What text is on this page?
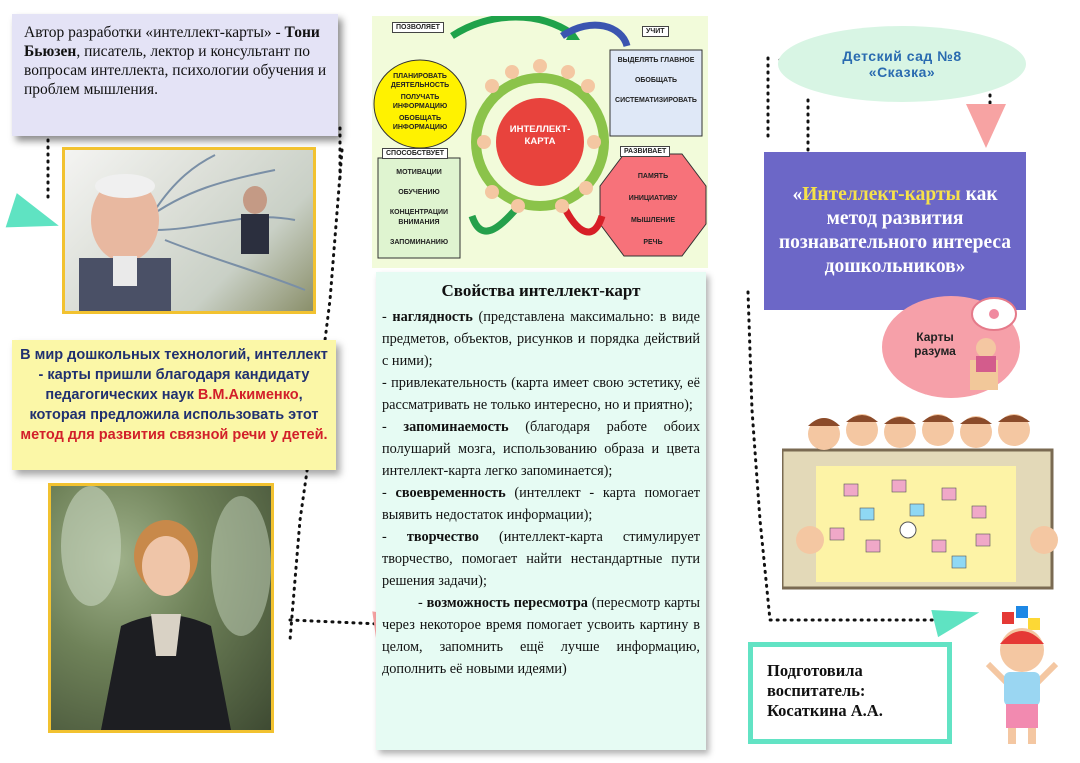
Автор разработки «интеллект-карты» - Тони Бьюзен, писатель, лектор и консультант по вопросам интеллекта, психологии обучения и проблем мышления.
В мир дошкольных технологий, интеллект - карты пришли благодаря кандидату педагогических наук В.М.Акименко, которая предложила использовать этот метод для развития связной речи у детей.
ПОЗВОЛЯЕТ
ПЛАНИРОВАТЬ ДЕЯТЕЛЬНОСТЬ
ПОЛУЧАТЬ ИНФОРМАЦИЮ
ОБОБЩАТЬ ИНФОРМАЦИЮ
УЧИТ
ВЫДЕЛЯТЬ ГЛАВНОЕ
ОБОБЩАТЬ
СИСТЕМАТИЗИРОВАТЬ
ИНТЕЛЛЕКТ-КАРТА
СПОСОБСТВУЕТ
МОТИВАЦИИ
ОБУЧЕНИЮ
КОНЦЕНТРАЦИИ ВНИМАНИЯ
ЗАПОМИНАНИЮ
РАЗВИВАЕТ
ПАМЯТЬ
ИНИЦИАТИВУ
МЫШЛЕНИЕ
РЕЧЬ
Свойства интеллект-карт

- наглядность (представлена максимально: в виде предметов, объектов, рисунков и порядка действий с ними);

- привлекательность (карта имеет свою эстетику, её рассматривать не только интересно, но и приятно);

- запоминаемость (благодаря работе обоих полушарий мозга, использованию образа и цвета интеллект-карта легко запоминается);

- своевременность (интеллект - карта помогает выявить недостаток информации);

- творчество (интеллект-карта стимулирует творчество, помогает найти нестандартные пути решения задачи);

- возможность пересмотра (пересмотр карты через некоторое время помогает усвоить картину в целом, запомнить ещё лучше информацию, дополнить её новыми идеями)

Детский сад №8
«Сказка»
«Интеллект-карты как метод развития познавательного интереса дошкольников»
Карты разума
Подготовила
воспитатель:
Косаткина А.А.
